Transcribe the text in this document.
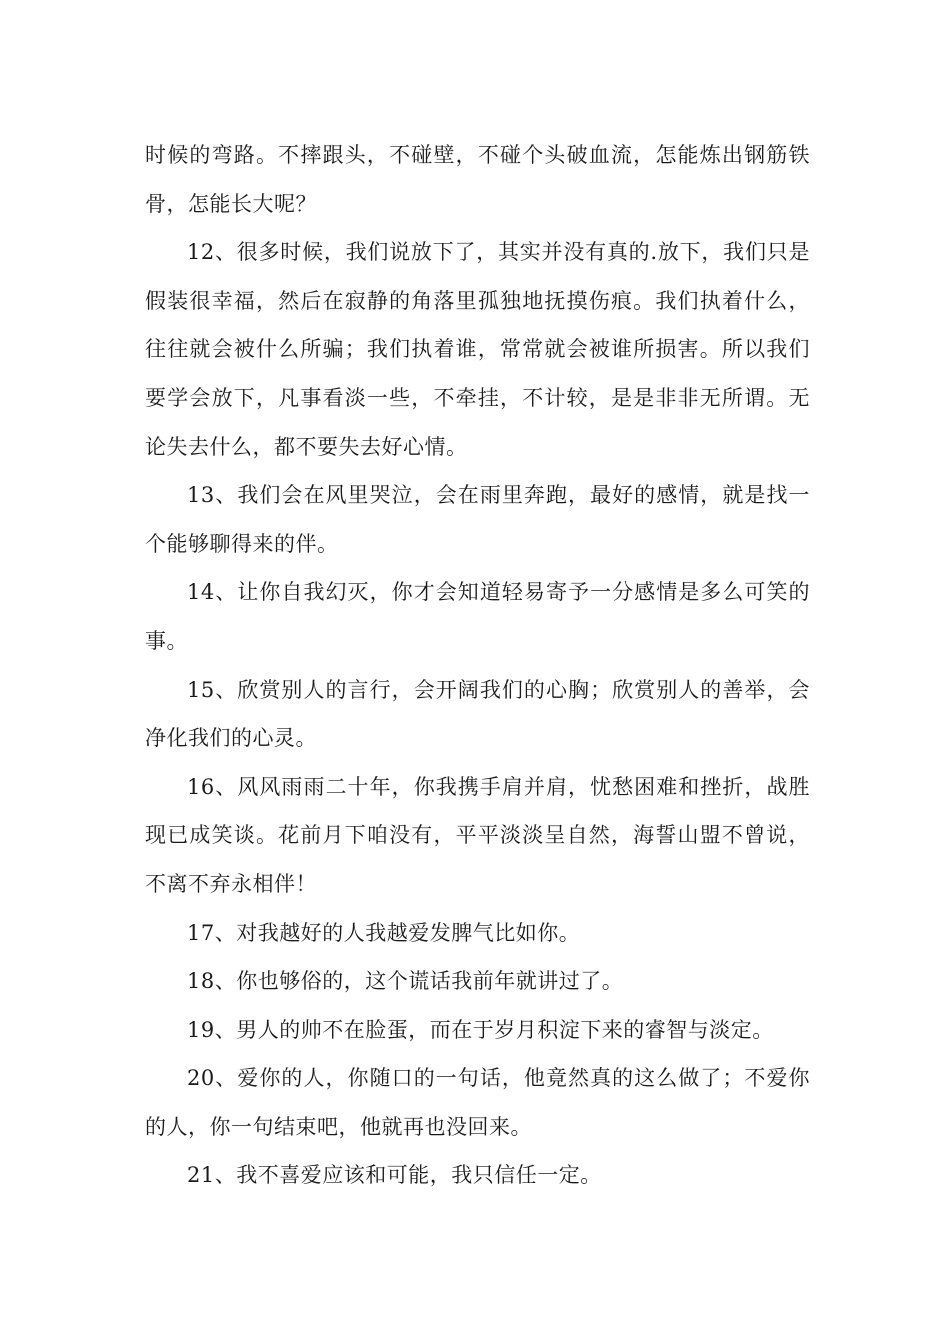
时候的弯路。不摔跟头，不碰壁，不碰个头破血流，怎能炼出钢筋铁骨，怎能长大呢？

12、很多时候，我们说放下了，其实并没有真的.放下，我们只是假装很幸福，然后在寂静的角落里孤独地抚摸伤痕。我们执着什么，往往就会被什么所骗；我们执着谁，常常就会被谁所损害。所以我们要学会放下，凡事看淡一些，不牵挂，不计较，是是非非无所谓。无论失去什么，都不要失去好心情。

13、我们会在风里哭泣，会在雨里奔跑，最好的感情，就是找一个能够聊得来的伴。

14、让你自我幻灭，你才会知道轻易寄予一分感情是多么可笑的事。

15、欣赏别人的言行，会开阔我们的心胸；欣赏别人的善举，会净化我们的心灵。

16、风风雨雨二十年，你我携手肩并肩，忧愁困难和挫折，战胜现已成笑谈。花前月下咱没有，平平淡淡呈自然，海誓山盟不曾说，不离不弃永相伴！

17、对我越好的人我越爱发脾气比如你。

18、你也够俗的，这个谎话我前年就讲过了。

19、男人的帅不在脸蛋，而在于岁月积淀下来的睿智与淡定。

20、爱你的人，你随口的一句话，他竟然真的这么做了；不爱你的人，你一句结束吧，他就再也没回来。

21、我不喜爱应该和可能，我只信任一定。
